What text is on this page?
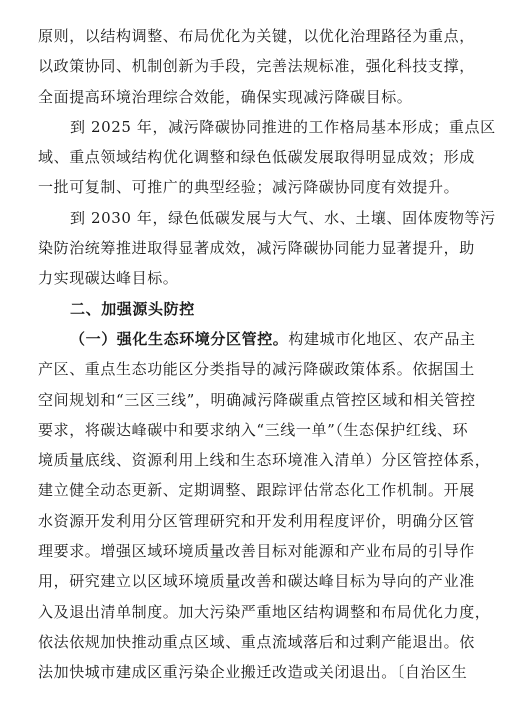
原则，以结构调整、布局优化为关键，以优化治理路径为重点，
以政策协同、机制创新为手段，完善法规标准，强化科技支撑，
全面提高环境治理综合效能，确保实现减污降碳目标。
到 2025 年，减污降碳协同推进的工作格局基本形成；重点区
域、重点领域结构优化调整和绿色低碳发展取得明显成效；形成
一批可复制、可推广的典型经验；减污降碳协同度有效提升。
到 2030 年，绿色低碳发展与大气、水、土壤、固体废物等污
染防治统筹推进取得显著成效，减污降碳协同能力显著提升，助
力实现碳达峰目标。
二、加强源头防控
（一）强化生态环境分区管控。构建城市化地区、农产品主
产区、重点生态功能区分类指导的减污降碳政策体系。依据国土
空间规划和“三区三线”，明确减污降碳重点管控区域和相关管控
要求，将碳达峰碳中和要求纳入“三线一单”（生态保护红线、环
境质量底线、资源利用上线和生态环境准入清单）分区管控体系，
建立健全动态更新、定期调整、跟踪评估常态化工作机制。开展
水资源开发利用分区管理研究和开发利用程度评价，明确分区管
理要求。增强区域环境质量改善目标对能源和产业布局的引导作
用，研究建立以区域环境质量改善和碳达峰目标为导向的产业准
入及退出清单制度。加大污染严重地区结构调整和布局优化力度，
依法依规加快推动重点区域、重点流域落后和过剩产能退出。依
法加快城市建成区重污染企业搬迁改造或关闭退出。〔自治区生
